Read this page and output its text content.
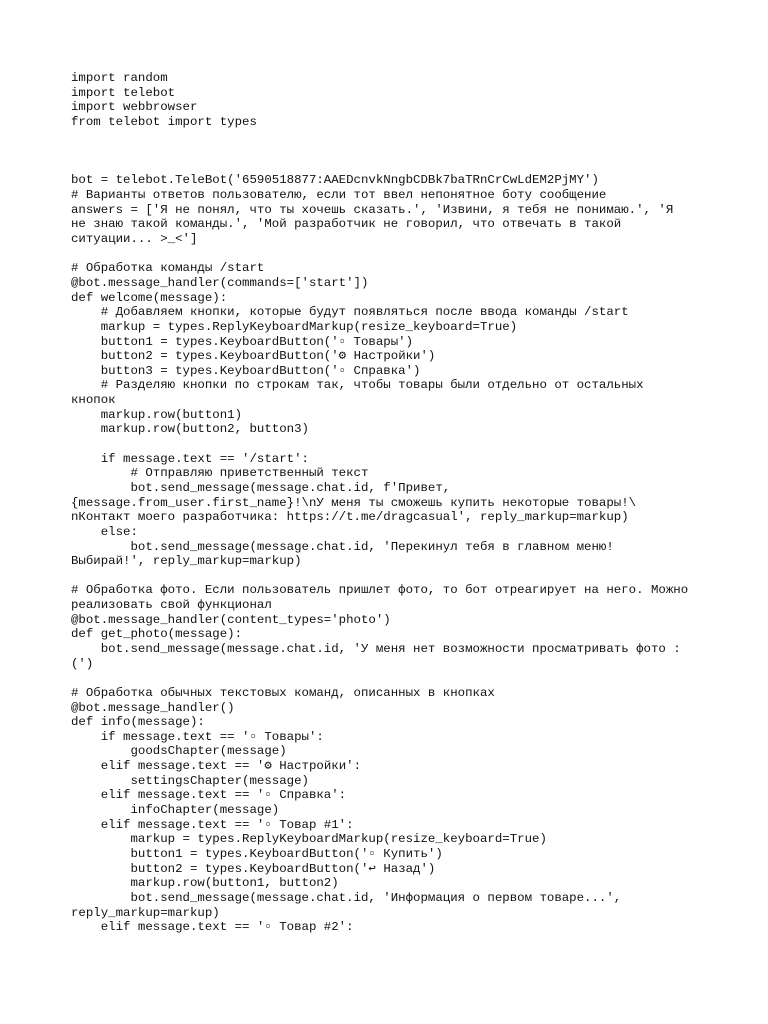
import random
import telebot
import webbrowser
from telebot import types
bot = telebot.TeleBot('6590518877:AAEDcnvkNngbCDBk7baTRnCrCwLdEM2PjMY')
# Варианты ответов пользователю, если тот ввел непонятное боту сообщение
answers = ['Я не понял, что ты хочешь сказать.', 'Извини, я тебя не понимаю.', 'Я
не знаю такой команды.', 'Мой разработчик не говорил, что отвечать в такой
ситуации... >_<']
# Обработка команды /start
@bot.message_handler(commands=['start'])
def welcome(message):
# Добавляем кнопки, которые будут появляться после ввода команды /start
markup = types.ReplyKeyboardMarkup(resize_keyboard=True)
button1 = types.KeyboardButton('▫ Товары')
button2 = types.KeyboardButton('⚙ Настройки')
button3 = types.KeyboardButton('▫ Справка')
# Разделяю кнопки по строкам так, чтобы товары были отдельно от остальных
кнопок
markup.row(button1)
markup.row(button2, button3)
if message.text == '/start':
# Отправляю приветственный текст
bot.send_message(message.chat.id, f'Привет,
{message.from_user.first_name}!\nУ меня ты сможешь купить некоторые товары!\
nКонтакт моего разработчика: https://t.me/dragcasual', reply_markup=markup)
else:
bot.send_message(message.chat.id, 'Перекинул тебя в главном меню!
Выбирай!', reply_markup=markup)
# Обработка фото. Если пользователь пришлет фото, то бот отреагирует на него. Можно
реализовать свой функционал
@bot.message_handler(content_types='photo')
def get_photo(message):
bot.send_message(message.chat.id, 'У меня нет возможности просматривать фото :
(')
# Обработка обычных текстовых команд, описанных в кнопках
@bot.message_handler()
def info(message):
if message.text == '▫ Товары':
goodsChapter(message)
elif message.text == '⚙ Настройки':
settingsChapter(message)
elif message.text == '▫ Справка':
infoChapter(message)
elif message.text == '▫ Товар #1':
markup = types.ReplyKeyboardMarkup(resize_keyboard=True)
button1 = types.KeyboardButton('▫ Купить')
button2 = types.KeyboardButton('↩ Назад')
markup.row(button1, button2)
bot.send_message(message.chat.id, 'Информация о первом товаре...',
reply_markup=markup)
elif message.text == '▫ Товар #2':
